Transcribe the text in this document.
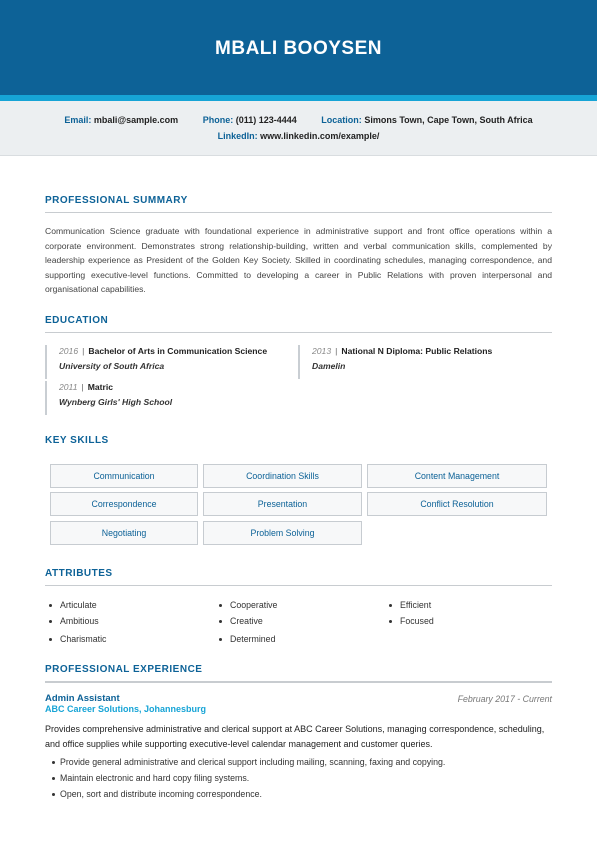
MBALI BOOYSEN
Email: mbali@sample.com	Phone: (011) 123-4444	Location: Simons Town, Cape Town, South Africa
LinkedIn: www.linkedin.com/example/
PROFESSIONAL SUMMARY
Communication Science graduate with foundational experience in administrative support and front office operations within a corporate environment. Demonstrates strong relationship-building, written and verbal communication skills, complemented by leadership experience as President of the Golden Key Society. Skilled in coordinating schedules, managing correspondence, and supporting executive-level functions. Committed to developing a career in Public Relations with proven interpersonal and organisational capabilities.
EDUCATION
2016 | Bachelor of Arts in Communication Science
University of South Africa
2013 | National N Diploma: Public Relations
Damelin
2011 | Matric
Wynberg Girls' High School
KEY SKILLS
Communication	Coordination Skills	Content Management
Correspondence	Presentation	Conflict Resolution
Negotiating	Problem Solving
ATTRIBUTES
Articulate	Cooperative	Efficient
Ambitious	Creative	Focused
Charismatic	Determined
PROFESSIONAL EXPERIENCE
Admin Assistant
ABC Career Solutions, Johannesburg
February 2017 - Current
Provides comprehensive administrative and clerical support at ABC Career Solutions, managing correspondence, scheduling, and office supplies while supporting executive-level calendar management and customer queries.
Provide general administrative and clerical support including mailing, scanning, faxing and copying.
Maintain electronic and hard copy filing systems.
Open, sort and distribute incoming correspondence.
